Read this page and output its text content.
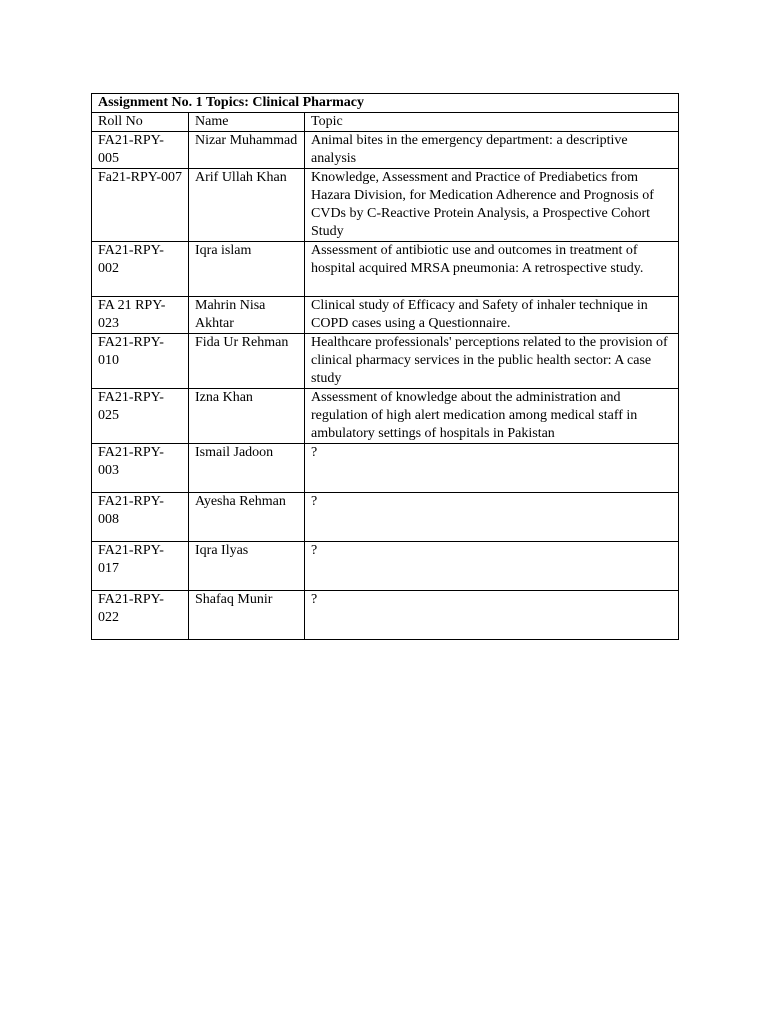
Assignment No. 1 Topics: Clinical Pharmacy		
Roll No	Name	Topic
FA21-RPY-005	Nizar Muhammad	Animal bites in the emergency department: a descriptive analysis
Fa21-RPY-007	Arif Ullah Khan	Knowledge, Assessment and Practice of Prediabetics from Hazara Division, for Medication Adherence and Prognosis of CVDs by C-Reactive Protein Analysis, a Prospective Cohort Study
FA21-RPY-002	Iqra islam	Assessment of antibiotic use and outcomes in treatment of hospital acquired MRSA pneumonia: A retrospective study.
FA 21 RPY-023	Mahrin Nisa Akhtar	Clinical study of Efficacy and Safety of inhaler technique in COPD cases using a Questionnaire.
FA21-RPY-010	Fida Ur Rehman	Healthcare professionals' perceptions related to the provision of clinical pharmacy services in the public health sector: A case study
FA21-RPY-025	Izna Khan	Assessment of knowledge about the administration and regulation of high alert medication among medical staff in ambulatory settings of hospitals in Pakistan
FA21-RPY-003	Ismail Jadoon	?
FA21-RPY-008	Ayesha Rehman	?
FA21-RPY-017	Iqra Ilyas	?
FA21-RPY-022	Shafaq Munir	?
